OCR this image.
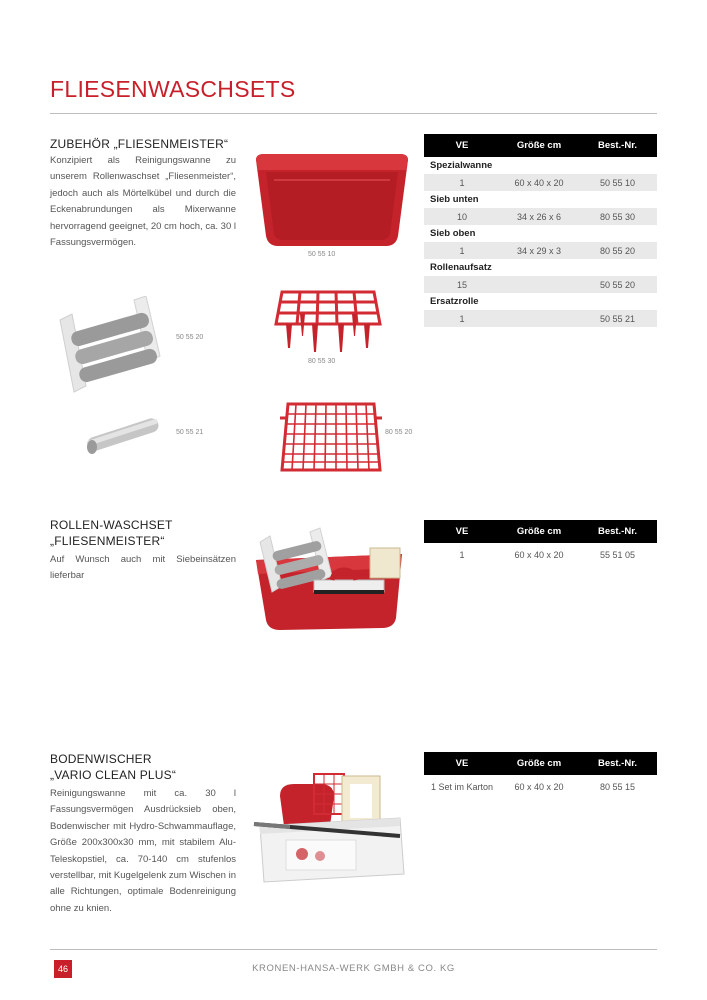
FLIESENWASCHSETS
ZUBEHÖR „FLIESENMEISTER“
Konzipiert als Reinigungswanne zu unserem Rollenwaschset „Fliesenmeister“, jedoch auch als Mörtelkübel und durch die Eckenabrundungen als Mixerwanne hervorragend geeignet, 20 cm hoch, ca. 30 l Fassungsvermögen.
50 55 10
80 55 30
50 55 20
50 55 21	80 55 20
VE	Größe cm	Best.-Nr.
Spezialwanne		
1	60 x 40 x 20	50 55 10
Sieb unten		
10	34 x 26 x 6	80 55 30
Sieb oben		
1	34 x 29 x 3	80 55 20
Rollenaufsatz		
15		50 55 20
Ersatzrolle		
1		50 55 21
ROLLEN-WASCHSET
„FLIESENMEISTER“
Auf Wunsch auch mit Siebeinsätzen lieferbar
VE	Größe cm	Best.-Nr.

1	60 x 40 x 20	55 51 05
BODENWISCHER
„VARIO CLEAN PLUS“
Reinigungswanne mit ca. 30 l Fassungsvermögen Ausdrücksieb oben, Bodenwischer mit Hydro-Schwammauflage, Größe 200x300x30 mm, mit stabilem Alu-Teleskopstiel, ca. 70-140 cm stufenlos verstellbar, mit Kugelgelenk zum Wischen in alle Richtungen, optimale Bodenreinigung ohne zu knien.
VE	Größe cm	Best.-Nr.

1 Set im Karton	60 x 40 x 20	80 55 15
46	KRONEN-HANSA-WERK GMBH & CO. KG
